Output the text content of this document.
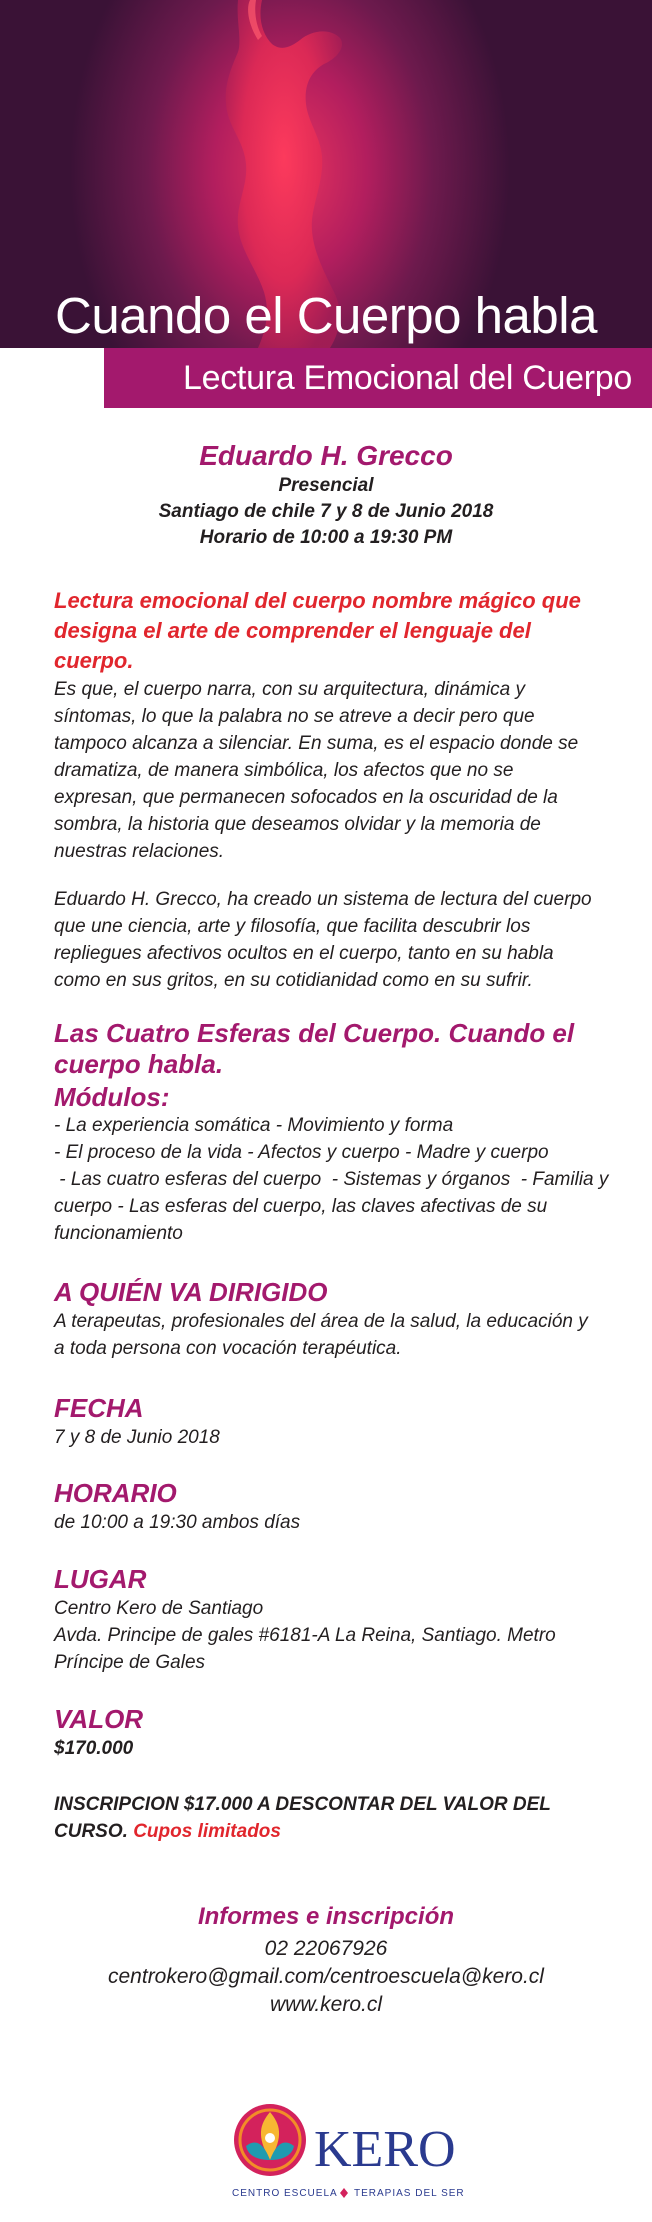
Cuando el Cuerpo habla
Lectura Emocional del Cuerpo
Eduardo H. Grecco
Presencial
Santiago de chile 7 y 8 de Junio 2018
Horario de 10:00 a 19:30 PM
Lectura emocional del cuerpo nombre mágico que
designa el arte de comprender el lenguaje del cuerpo.
Es que, el cuerpo narra, con su arquitectura, dinámica y
síntomas, lo que la palabra no se atreve a decir pero que
tampoco alcanza a silenciar. En suma, es el espacio donde se
dramatiza, de manera simbólica, los afectos que no se
expresan, que permanecen sofocados en la oscuridad de la
sombra, la historia que deseamos olvidar y la memoria de
nuestras relaciones.
Eduardo H. Grecco, ha creado un sistema de lectura del cuerpo
que une ciencia, arte y filosofía, que facilita descubrir los
repliegues afectivos ocultos en el cuerpo, tanto en su habla
como en sus gritos, en su cotidianidad como en su sufrir.
Las Cuatro Esferas del Cuerpo. Cuando el
cuerpo habla.
Módulos:
- La experiencia somática - Movimiento y forma
- El proceso de la vida - Afectos y cuerpo - Madre y cuerpo
- Las cuatro esferas del cuerpo  - Sistemas y órganos  - Familia y
cuerpo - Las esferas del cuerpo, las claves afectivas de su
funcionamiento
A QUIÉN VA DIRIGIDO
A terapeutas, profesionales del área de la salud, la educación y
a toda persona con vocación terapéutica.
FECHA
7 y 8 de Junio 2018
HORARIO
de 10:00 a 19:30 ambos días
LUGAR
Centro Kero de Santiago
Avda. Principe de gales #6181-A La Reina, Santiago. Metro
Príncipe de Gales
VALOR
$170.000
INSCRIPCION $17.000 A DESCONTAR DEL VALOR DEL
CURSO. Cupos limitados
Informes e inscripción
02 22067926
centrokero@gmail.com/centroescuela@kero.cl
www.kero.cl
KERO
CENTRO ESCUELA TERAPIAS DEL SER
